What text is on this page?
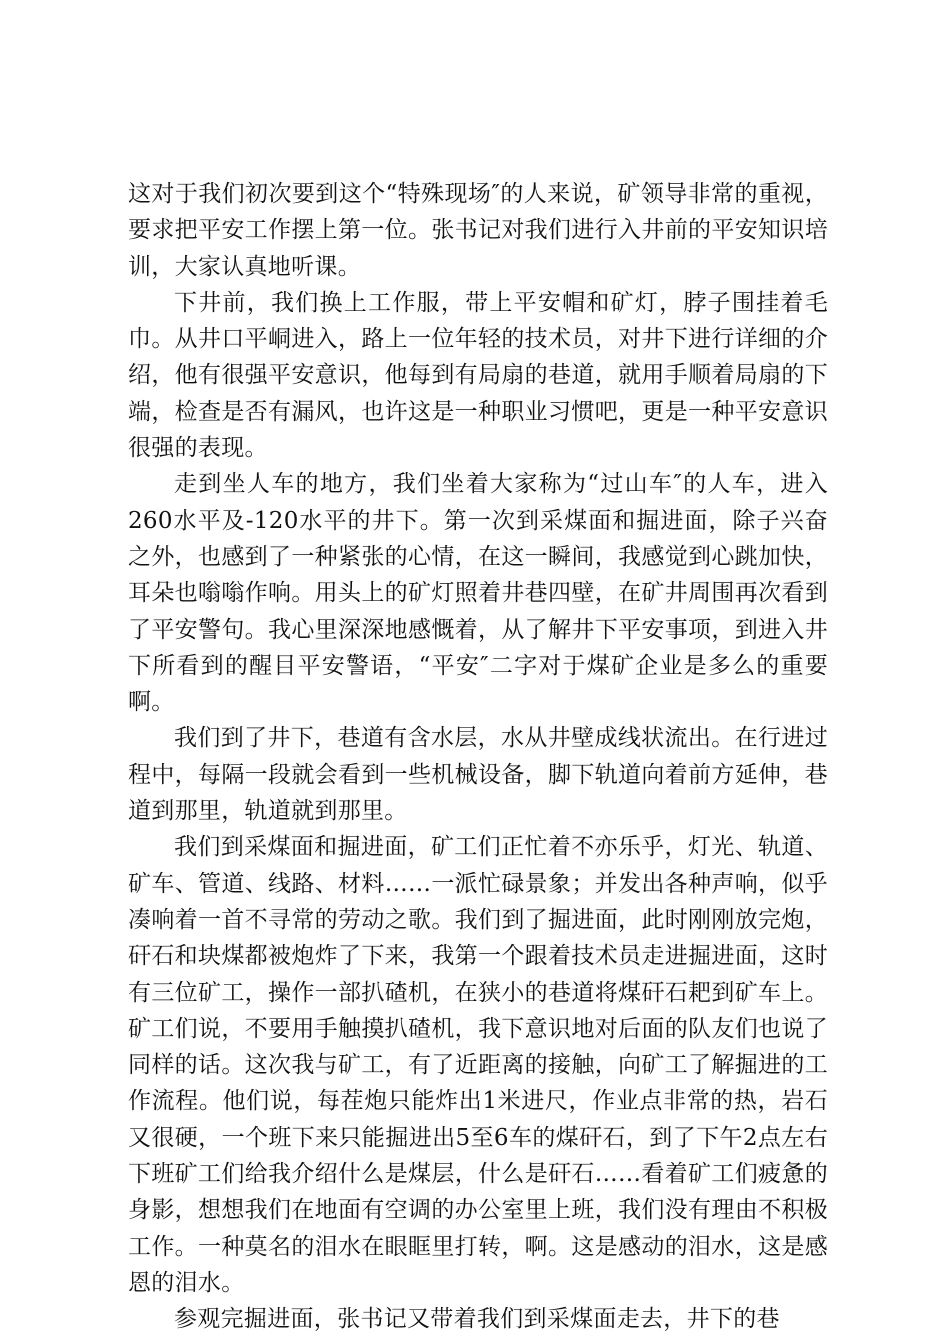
这对于我们初次要到这个“特殊现场″的人来说，矿领导非常的重视，要求把平安工作摆上第一位。张书记对我们进行入井前的平安知识培训，大家认真地听课。

下井前，我们换上工作服，带上平安帽和矿灯，脖子围挂着毛巾。从井口平峒进入，路上一位年轻的技术员，对井下进行详细的介绍，他有很强平安意识，他每到有局扇的巷道，就用手顺着局扇的下端，检查是否有漏风，也许这是一种职业习惯吧，更是一种平安意识很强的表现。

走到坐人车的地方，我们坐着大家称为“过山车″的人车，进入260水平及-120水平的井下。第一次到采煤面和掘进面，除子兴奋之外，也感到了一种紧张的心情，在这一瞬间，我感觉到心跳加快，耳朵也嗡嗡作响。用头上的矿灯照着井巷四壁，在矿井周围再次看到了平安警句。我心里深深地感慨着，从了解井下平安事项，到进入井下所看到的醒目平安警语，“平安″二字对于煤矿企业是多么的重要啊。

我们到了井下，巷道有含水层，水从井壁成线状流出。在行进过程中，每隔一段就会看到一些机械设备，脚下轨道向着前方延伸，巷道到那里，轨道就到那里。

我们到采煤面和掘进面，矿工们正忙着不亦乐乎，灯光、轨道、矿车、管道、线路、材料……一派忙碌景象；并发出各种声响，似乎凑响着一首不寻常的劳动之歌。我们到了掘进面，此时刚刚放完炮，矸石和块煤都被炮炸了下来，我第一个跟着技术员走进掘进面，这时有三位矿工，操作一部扒碴机，在狭小的巷道将煤矸石耙到矿车上。矿工们说，不要用手触摸扒碴机，我下意识地对后面的队友们也说了同样的话。这次我与矿工，有了近距离的接触，向矿工了解掘进的工作流程。他们说，每茬炮只能炸出1米进尺，作业点非常的热，岩石又很硬，一个班下来只能掘进出5至6车的煤矸石，到了下午2点左右下班矿工们给我介绍什么是煤层，什么是矸石……看着矿工们疲惫的身影，想想我们在地面有空调的办公室里上班，我们没有理由不积极工作。一种莫名的泪水在眼眶里打转，啊。这是感动的泪水，这是感恩的泪水。

参观完掘进面，张书记又带着我们到采煤面走去，井下的巷
